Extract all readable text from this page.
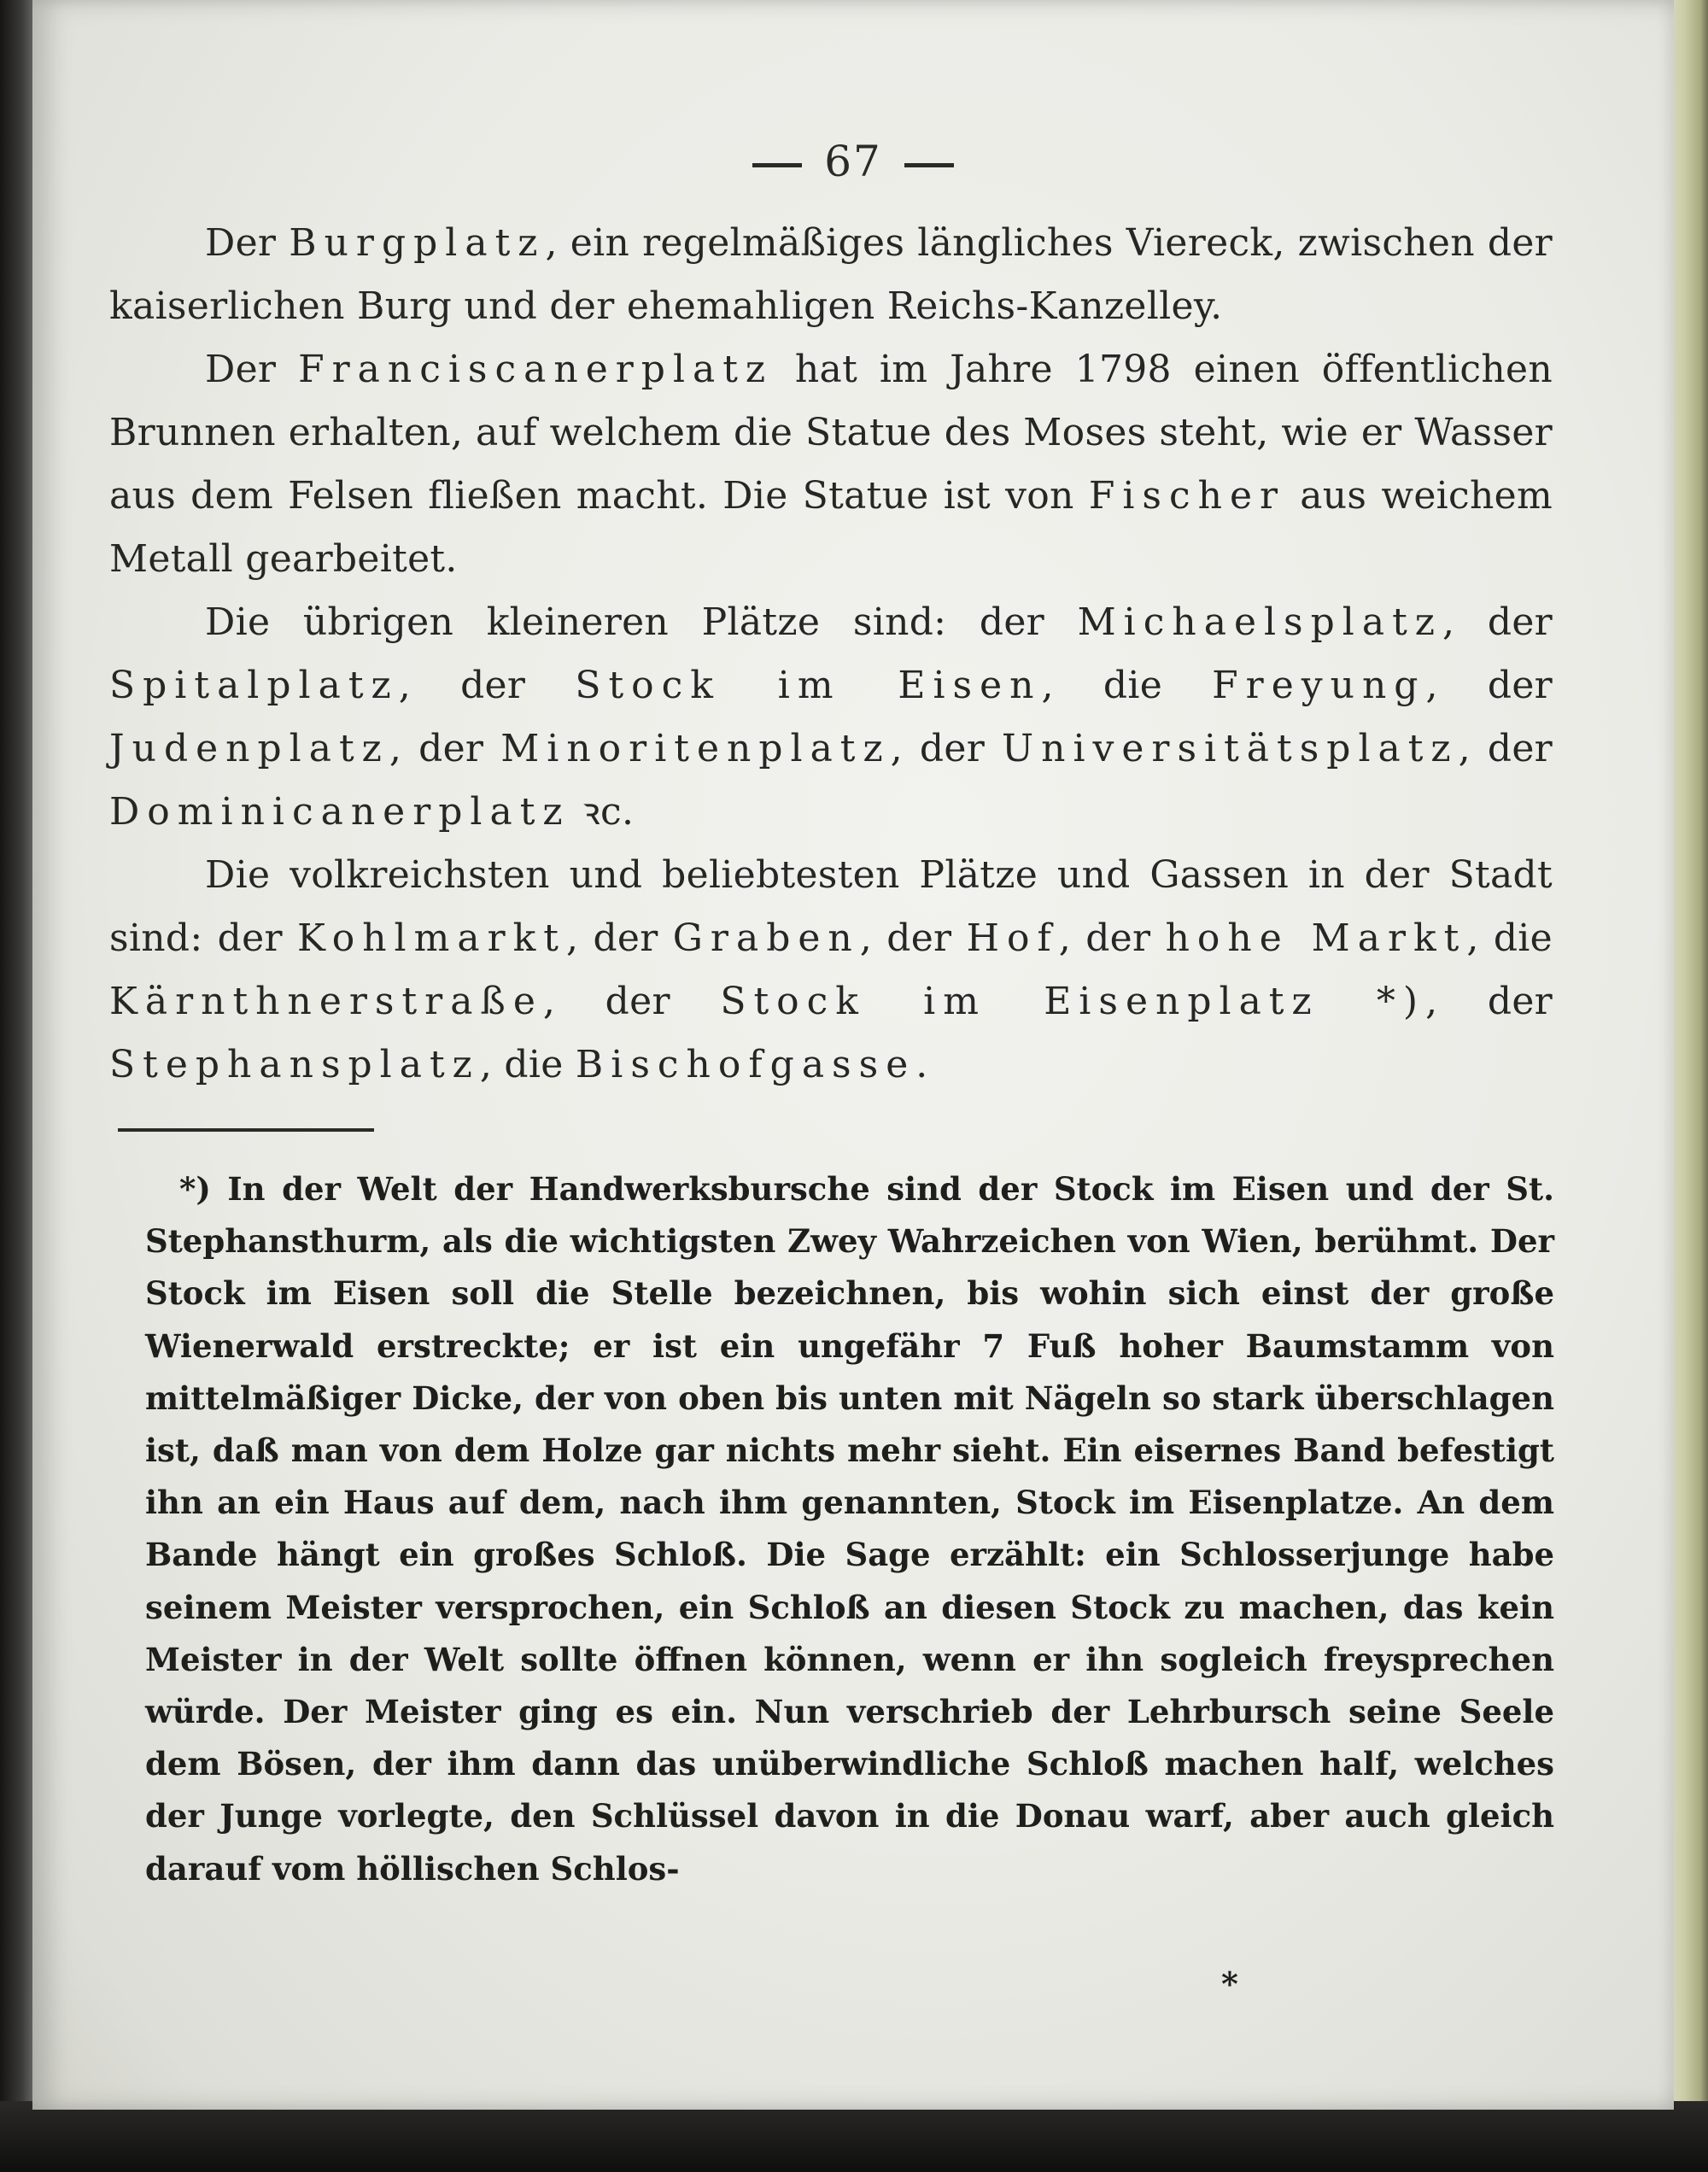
67

Der Burgplatz, ein regelmäßiges längliches Viereck, zwischen der kaiserlichen Burg und der ehemahligen Reichs-Kanzelley.

Der Franciscanerplatz hat im Jahre 1798 einen öffentlichen Brunnen erhalten, auf welchem die Statue des Moses steht, wie er Wasser aus dem Felsen fließen macht. Die Statue ist von Fischer aus weichem Metall gearbeitet.

Die übrigen kleineren Plätze sind: der Michaelsplatz, der Spitalplatz, der Stock im Eisen, die Freyung, der Judenplatz, der Minoritenplatz, der Universitätsplatz, der Dominicanerplatz ꝛc.

Die volkreichsten und beliebtesten Plätze und Gassen in der Stadt sind: der Kohlmarkt, der Graben, der Hof, der hohe Markt, die Kärnthnerstraße, der Stock im Eisenplatz *), der Stephansplatz, die Bischofgasse.

*) In der Welt der Handwerksbursche sind der Stock im Eisen und der St. Stephansthurm, als die wichtigsten Zwey Wahrzeichen von Wien, berühmt. Der Stock im Eisen soll die Stelle bezeichnen, bis wohin sich einst der große Wienerwald erstreckte; er ist ein ungefähr 7 Fuß hoher Baumstamm von mittelmäßiger Dicke, der von oben bis unten mit Nägeln so stark überschlagen ist, daß man von dem Holze gar nichts mehr sieht. Ein eisernes Band befestigt ihn an ein Haus auf dem, nach ihm genannten, Stock im Eisenplatze. An dem Bande hängt ein großes Schloß. Die Sage erzählt: ein Schlosserjunge habe seinem Meister versprochen, ein Schloß an diesen Stock zu machen, das kein Meister in der Welt sollte öffnen können, wenn er ihn sogleich freysprechen würde. Der Meister ging es ein. Nun verschrieb der Lehrbursch seine Seele dem Bösen, der ihm dann das unüberwindliche Schloß machen half, welches der Junge vorlegte, den Schlüssel davon in die Donau warf, aber auch gleich darauf vom höllischen Schlos-

*
